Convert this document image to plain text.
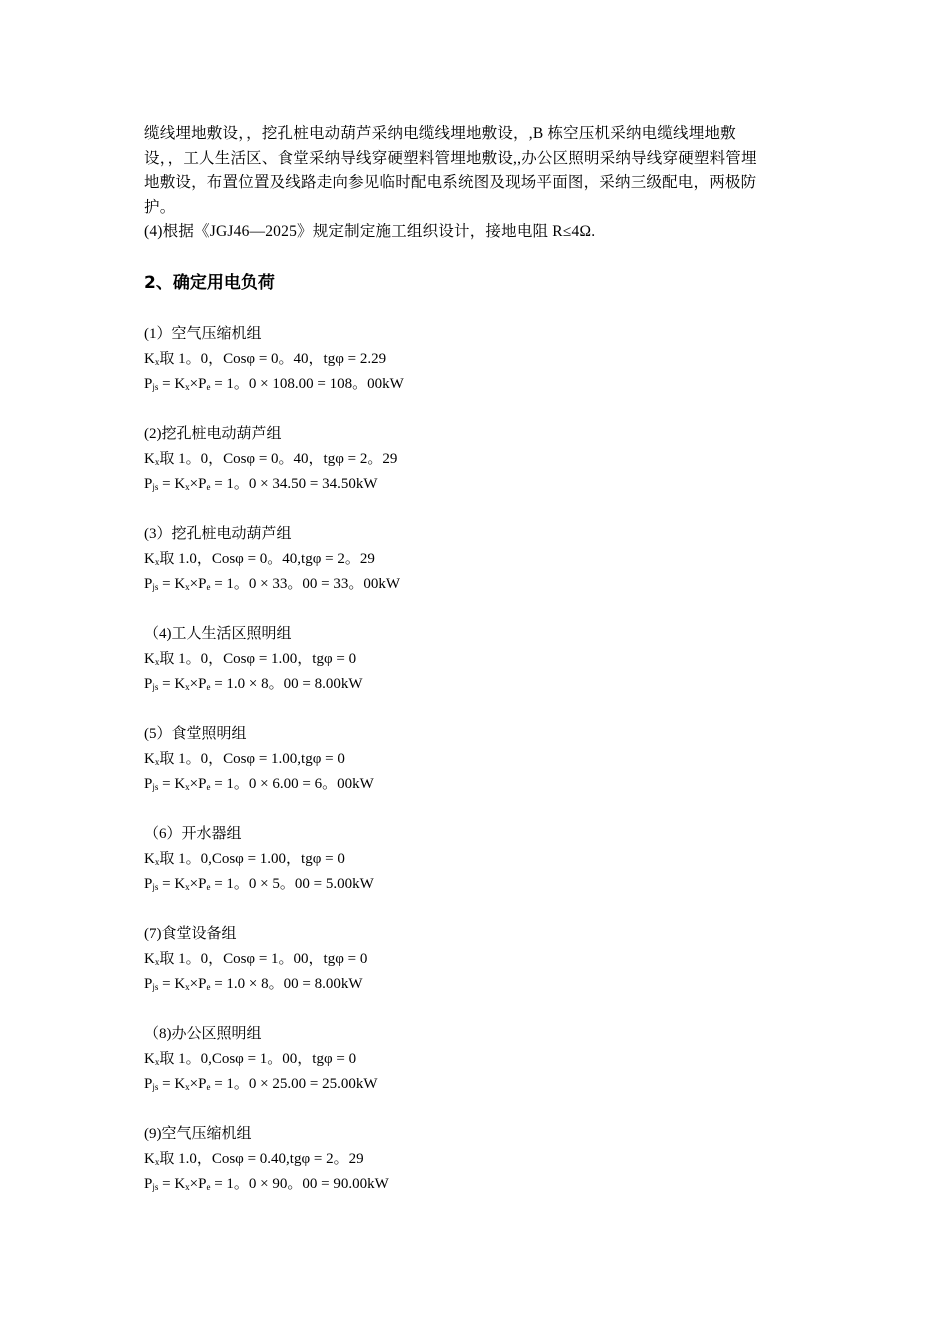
缆线埋地敷设，，挖孔桩电动葫芦采纳电缆线埋地敷设，,B 栋空压机采纳电缆线埋地敷

设，，工人生活区、食堂采纳导线穿硬塑料管埋地敷设,,办公区照明采纳导线穿硬塑料管埋

地敷设，布置位置及线路走向参见临时配电系统图及现场平面图，采纳三级配电，两极防

护。

(4)根据《JGJ46—2025》规定制定施工组织设计，接地电阻 R≤4Ω.

2、确定用电负荷

(1）空气压缩机组

$K_x$取 1。0，Cosφ = 0。40，tgφ = 2.29

$P_{js} = K_x\times P_e = 1$。0 × 108.00 = 108。00kW

(2)挖孔桩电动葫芦组

$K_x$取 1。0，Cosφ = 0。40，tgφ = 2。29

$P_{js} = K_x\times P_e = 1$。0 × 34.50 = 34.50kW

(3）挖孔桩电动葫芦组

$K_x$取 1.0，Cosφ = 0。40,tgφ = 2。29

$P_{js} = K_x\times P_e = 1$。0 × 33。00 = 33。00kW

（4)工人生活区照明组

$K_x$取 1。0，Cosφ = 1.00，tgφ = 0

$P_{js} = K_x\times P_e = 1.0 \times 8$。00 = 8.00kW

(5）食堂照明组

$K_x$取 1。0，Cosφ = 1.00,tgφ = 0

$P_{js} = K_x\times P_e = 1$。0 × 6.00 = 6。00kW

（6）开水器组

$K_x$取 1。0,Cosφ = 1.00，tgφ = 0

$P_{js} = K_x\times P_e = 1$。0 × 5。00 = 5.00kW

(7)食堂设备组

$K_x$取 1。0，Cosφ = 1。00，tgφ = 0

$P_{js} = K_x\times P_e = 1.0 \times 8$。00 = 8.00kW

（8)办公区照明组

$K_x$取 1。0,Cosφ = 1。00，tgφ = 0

$P_{js} = K_x\times P_e = 1$。0 × 25.00 = 25.00kW

(9)空气压缩机组

$K_x$取 1.0，Cosφ = 0.40,tgφ = 2。29

$P_{js} = K_x\times P_e = 1$。0 × 90。00 = 90.00kW
